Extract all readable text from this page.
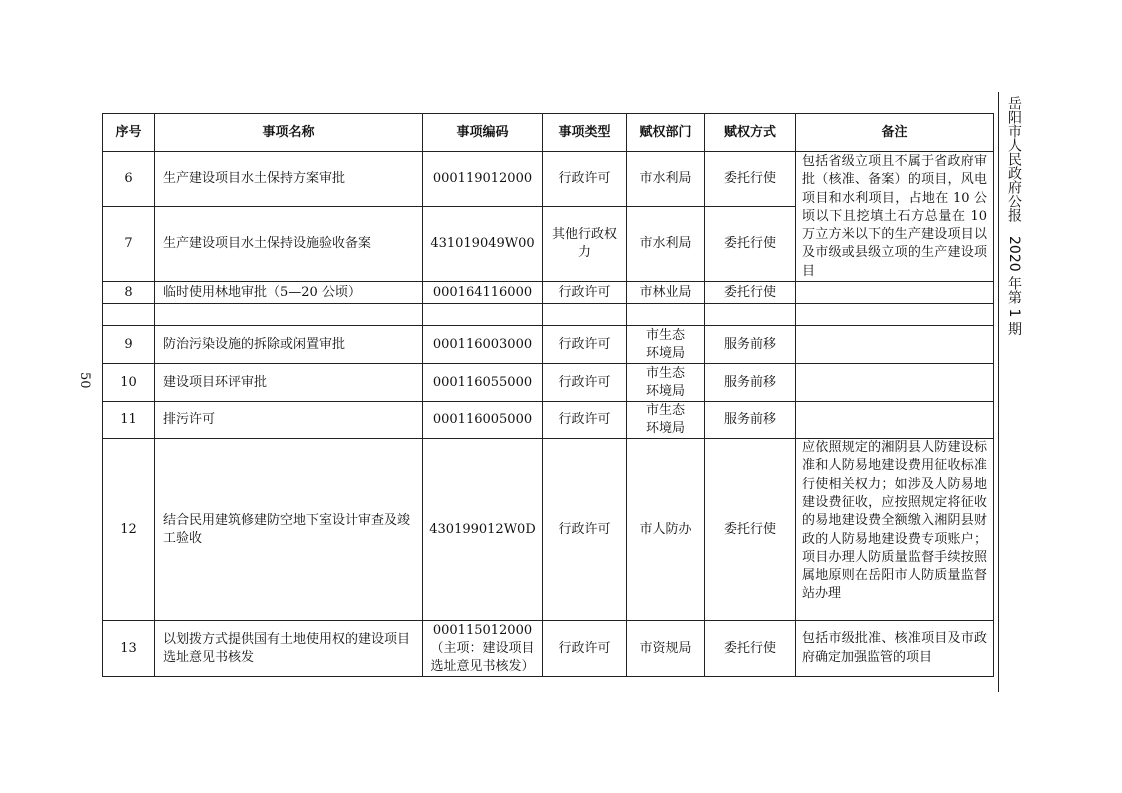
岳阳市人民政府公报　2020 年第 1 期
50
序号	事项名称	事项编码	事项类型	赋权部门	赋权方式	备注
6	生产建设项目水土保持方案审批	000119012000	行政许可	市水利局	委托行使	包括省级立项且不属于省政府审批（核准、备案）的项目，风电项目和水利项目，占地在 10 公顷以下且挖填土石方总量在 10 万立方米以下的生产建设项目以及市级或县级立项的生产建设项目
7	生产建设项目水土保持设施验收备案	431019049W00	其他行政权力	市水利局	委托行使	
8	临时使用林地审批（5—20 公顷）	000164116000	行政许可	市林业局	委托行使	

9	防治污染设施的拆除或闲置审批	000116003000	行政许可	市生态环境局	服务前移	
10	建设项目环评审批	000116055000	行政许可	市生态环境局	服务前移	
11	排污许可	000116005000	行政许可	市生态环境局	服务前移	
12	结合民用建筑修建防空地下室设计审查及竣工验收	430199012W0D	行政许可	市人防办	委托行使	应依照规定的湘阴县人防建设标准和人防易地建设费用征收标准行使相关权力；如涉及人防易地建设费征收，应按照规定将征收的易地建设费全额缴入湘阴县财政的人防易地建设费专项账户；项目办理人防质量监督手续按照属地原则在岳阳市人防质量监督站办理
13	以划拨方式提供国有土地使用权的建设项目选址意见书核发	000115012000（主项：建设项目选址意见书核发）	行政许可	市资规局	委托行使	包括市级批准、核准项目及市政府确定加强监管的项目
